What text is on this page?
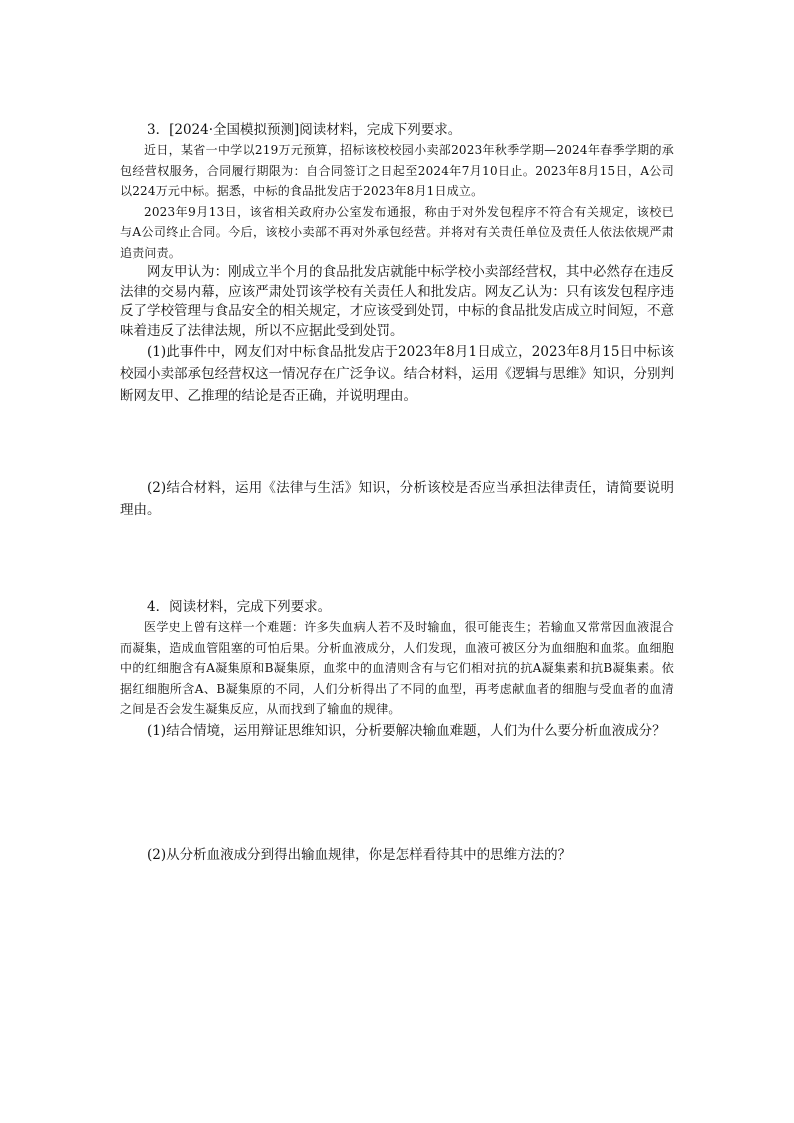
3．[2024·全国模拟预测]阅读材料，完成下列要求。

近日，某省一中学以219万元预算，招标该校校园小卖部2023年秋季学期—2024年春季学期的承包经营权服务，合同履行期限为：自合同签订之日起至2024年7月10日止。2023年8月15日，A公司以224万元中标。据悉，中标的食品批发店于2023年8月1日成立。

2023年9月13日，该省相关政府办公室发布通报，称由于对外发包程序不符合有关规定，该校已与A公司终止合同。今后，该校小卖部不再对外承包经营。并将对有关责任单位及责任人依法依规严肃追责问责。

网友甲认为：刚成立半个月的食品批发店就能中标学校小卖部经营权，其中必然存在违反法律的交易内幕，应该严肃处罚该学校有关责任人和批发店。网友乙认为：只有该发包程序违反了学校管理与食品安全的相关规定，才应该受到处罚，中标的食品批发店成立时间短，不意味着违反了法律法规，所以不应据此受到处罚。

(1)此事件中，网友们对中标食品批发店于2023年8月1日成立，2023年8月15日中标该校园小卖部承包经营权这一情况存在广泛争议。结合材料，运用《逻辑与思维》知识，分别判断网友甲、乙推理的结论是否正确，并说明理由。

(2)结合材料，运用《法律与生活》知识，分析该校是否应当承担法律责任，请简要说明理由。

4．阅读材料，完成下列要求。

医学史上曾有这样一个难题：许多失血病人若不及时输血，很可能丧生；若输血又常常因血液混合而凝集，造成血管阻塞的可怕后果。分析血液成分，人们发现，血液可被区分为血细胞和血浆。血细胞中的红细胞含有A凝集原和B凝集原，血浆中的血清则含有与它们相对抗的抗A凝集素和抗B凝集素。依据红细胞所含A、B凝集原的不同，人们分析得出了不同的血型，再考虑献血者的细胞与受血者的血清之间是否会发生凝集反应，从而找到了输血的规律。

(1)结合情境，运用辩证思维知识，分析要解决输血难题，人们为什么要分析血液成分？

(2)从分析血液成分到得出输血规律，你是怎样看待其中的思维方法的？
